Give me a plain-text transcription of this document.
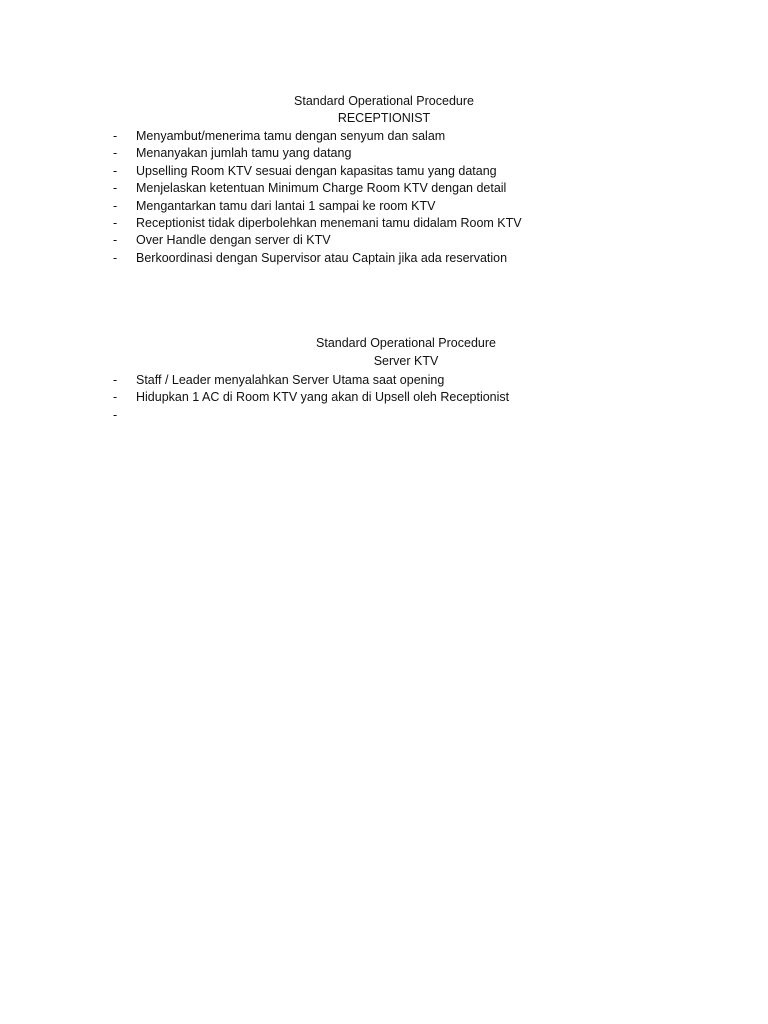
Standard Operational Procedure
RECEPTIONIST
- Menyambut/menerima tamu dengan senyum dan salam
- Menanyakan jumlah tamu yang datang
- Upselling Room KTV sesuai dengan kapasitas tamu yang datang
- Menjelaskan ketentuan Minimum Charge Room KTV dengan detail
- Mengantarkan tamu dari lantai 1 sampai ke room KTV
- Receptionist tidak diperbolehkan menemani tamu didalam Room KTV
- Over Handle dengan server di KTV
- Berkoordinasi dengan Supervisor atau Captain jika ada reservation
Standard Operational Procedure
Server KTV
- Staff / Leader menyalahkan Server Utama saat opening
- Hidupkan 1 AC di Room KTV yang akan di Upsell oleh Receptionist
-
